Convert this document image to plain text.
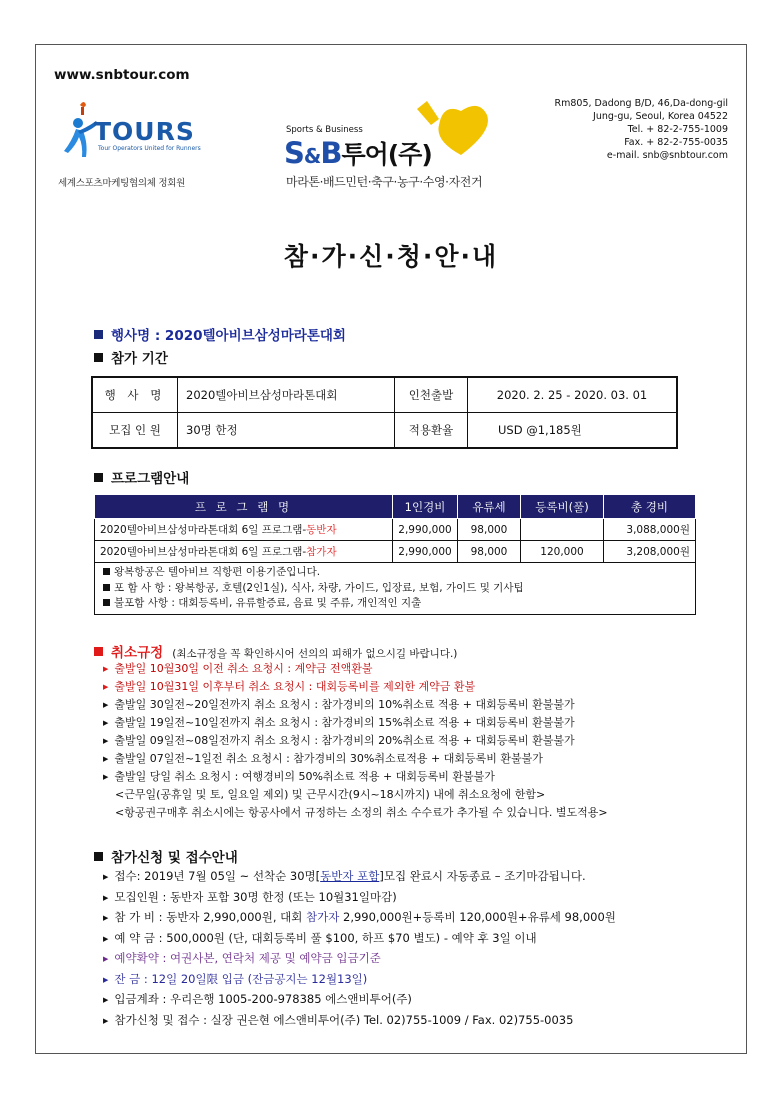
www.snbtour.com
TOURS
Tour Operators United for Runners
세계스포츠마케팅협의체 정회원
Sports & Business
S&B투어(주)
마라톤·배드민턴·축구·농구·수영·자전거
Rm805, Dadong B/D, 46,Da-dong-gil
Jung-gu, Seoul, Korea 04522
Tel. + 82-2-755-1009
Fax. + 82-2-755-0035
e-mail. snb@snbtour.com
참·가·신·청·안·내
행사명 : 2020텔아비브삼성마라톤대회
참가 기간
행 사 명	2020텔아비브삼성마라톤대회	인천출발	2020. 2. 25 - 2020. 03. 01
모집 인 원	30명 한정	적용환율	USD @1,185원
프로그램안내
프 로 그 램 명	1인경비	유류세	등록비(풀)	총 경비
2020텔아비브삼성마라톤대회 6일 프로그램-동반자	2,990,000	98,000		3,088,000원
2020텔아비브삼성마라톤대회 6일 프로그램-참가자	2,990,000	98,000	120,000	3,208,000원

왕복항공은 텔아비브 직항편 이용기준입니다.
포 함 사 항 : 왕복항공, 호텔(2인1실), 식사, 차량, 가이드, 입장료, 보험, 가이드 및 기사팁
불포함 사항 : 대회등록비, 유류할증료, 음료 및 주류, 개인적인 지출				
취소규정 (최소규정을 꼭 확인하시어 선의의 피해가 없으시길 바랍니다.)
▶ 출발일 10월30일 이전 취소 요청시 : 계약금 전액환불
▶ 출발일 10월31일 이후부터 취소 요청시 : 대회등록비를 제외한 계약금 환불
▶ 출발일 30일전~20일전까지 취소 요청시 : 참가경비의 10%취소료 적용 + 대회등록비 환불불가
▶ 출발일 19일전~10일전까지 취소 요청시 : 참가경비의 15%취소료 적용 + 대회등록비 환불불가
▶ 출발일 09일전~08일전까지 취소 요청시 : 참가경비의 20%취소료 적용 + 대회등록비 환불불가
▶ 출발일 07일전~1일전 취소 요청시 : 참가경비의 30%취소료적용 + 대회등록비 환불불가
▶ 출발일 당일 취소 요청시 : 여행경비의 50%취소료 적용 + 대회등록비 환불불가
<근무일(공휴일 및 토, 일요일 제외) 및 근무시간(9시~18시까지) 내에 취소요청에 한함>
<항공권구매후 취소시에는 항공사에서 규정하는 소정의 취소 수수료가 추가될 수 있습니다. 별도적용>
참가신청 및 접수안내
▶ 접수: 2019년 7월 05일 ~ 선착순 30명[동반자 포함]모집 완료시 자동종료 – 조기마감됩니다.
▶ 모집인원 : 동반자 포함 30명 한정 (또는 10월31일마감)
▶ 참 가 비 : 동반자 2,990,000원, 대회 참가자 2,990,000원+등록비 120,000원+유류세 98,000원
▶ 예 약 금 : 500,000원 (단, 대회등록비 풀 $100, 하프 $70 별도) - 예약 후 3일 이내
▶ 예약확약 : 여권사본, 연락처 제공 및 예약금 입금기준
▶ 잔 금 : 12일 20일限 입금 (잔금공지는 12월13일)
▶ 입금계좌 : 우리은행 1005-200-978385 에스앤비투어(주)
▶ 참가신청 및 접수 : 실장 권은현 에스앤비투어(주) Tel. 02)755-1009 / Fax. 02)755-0035
